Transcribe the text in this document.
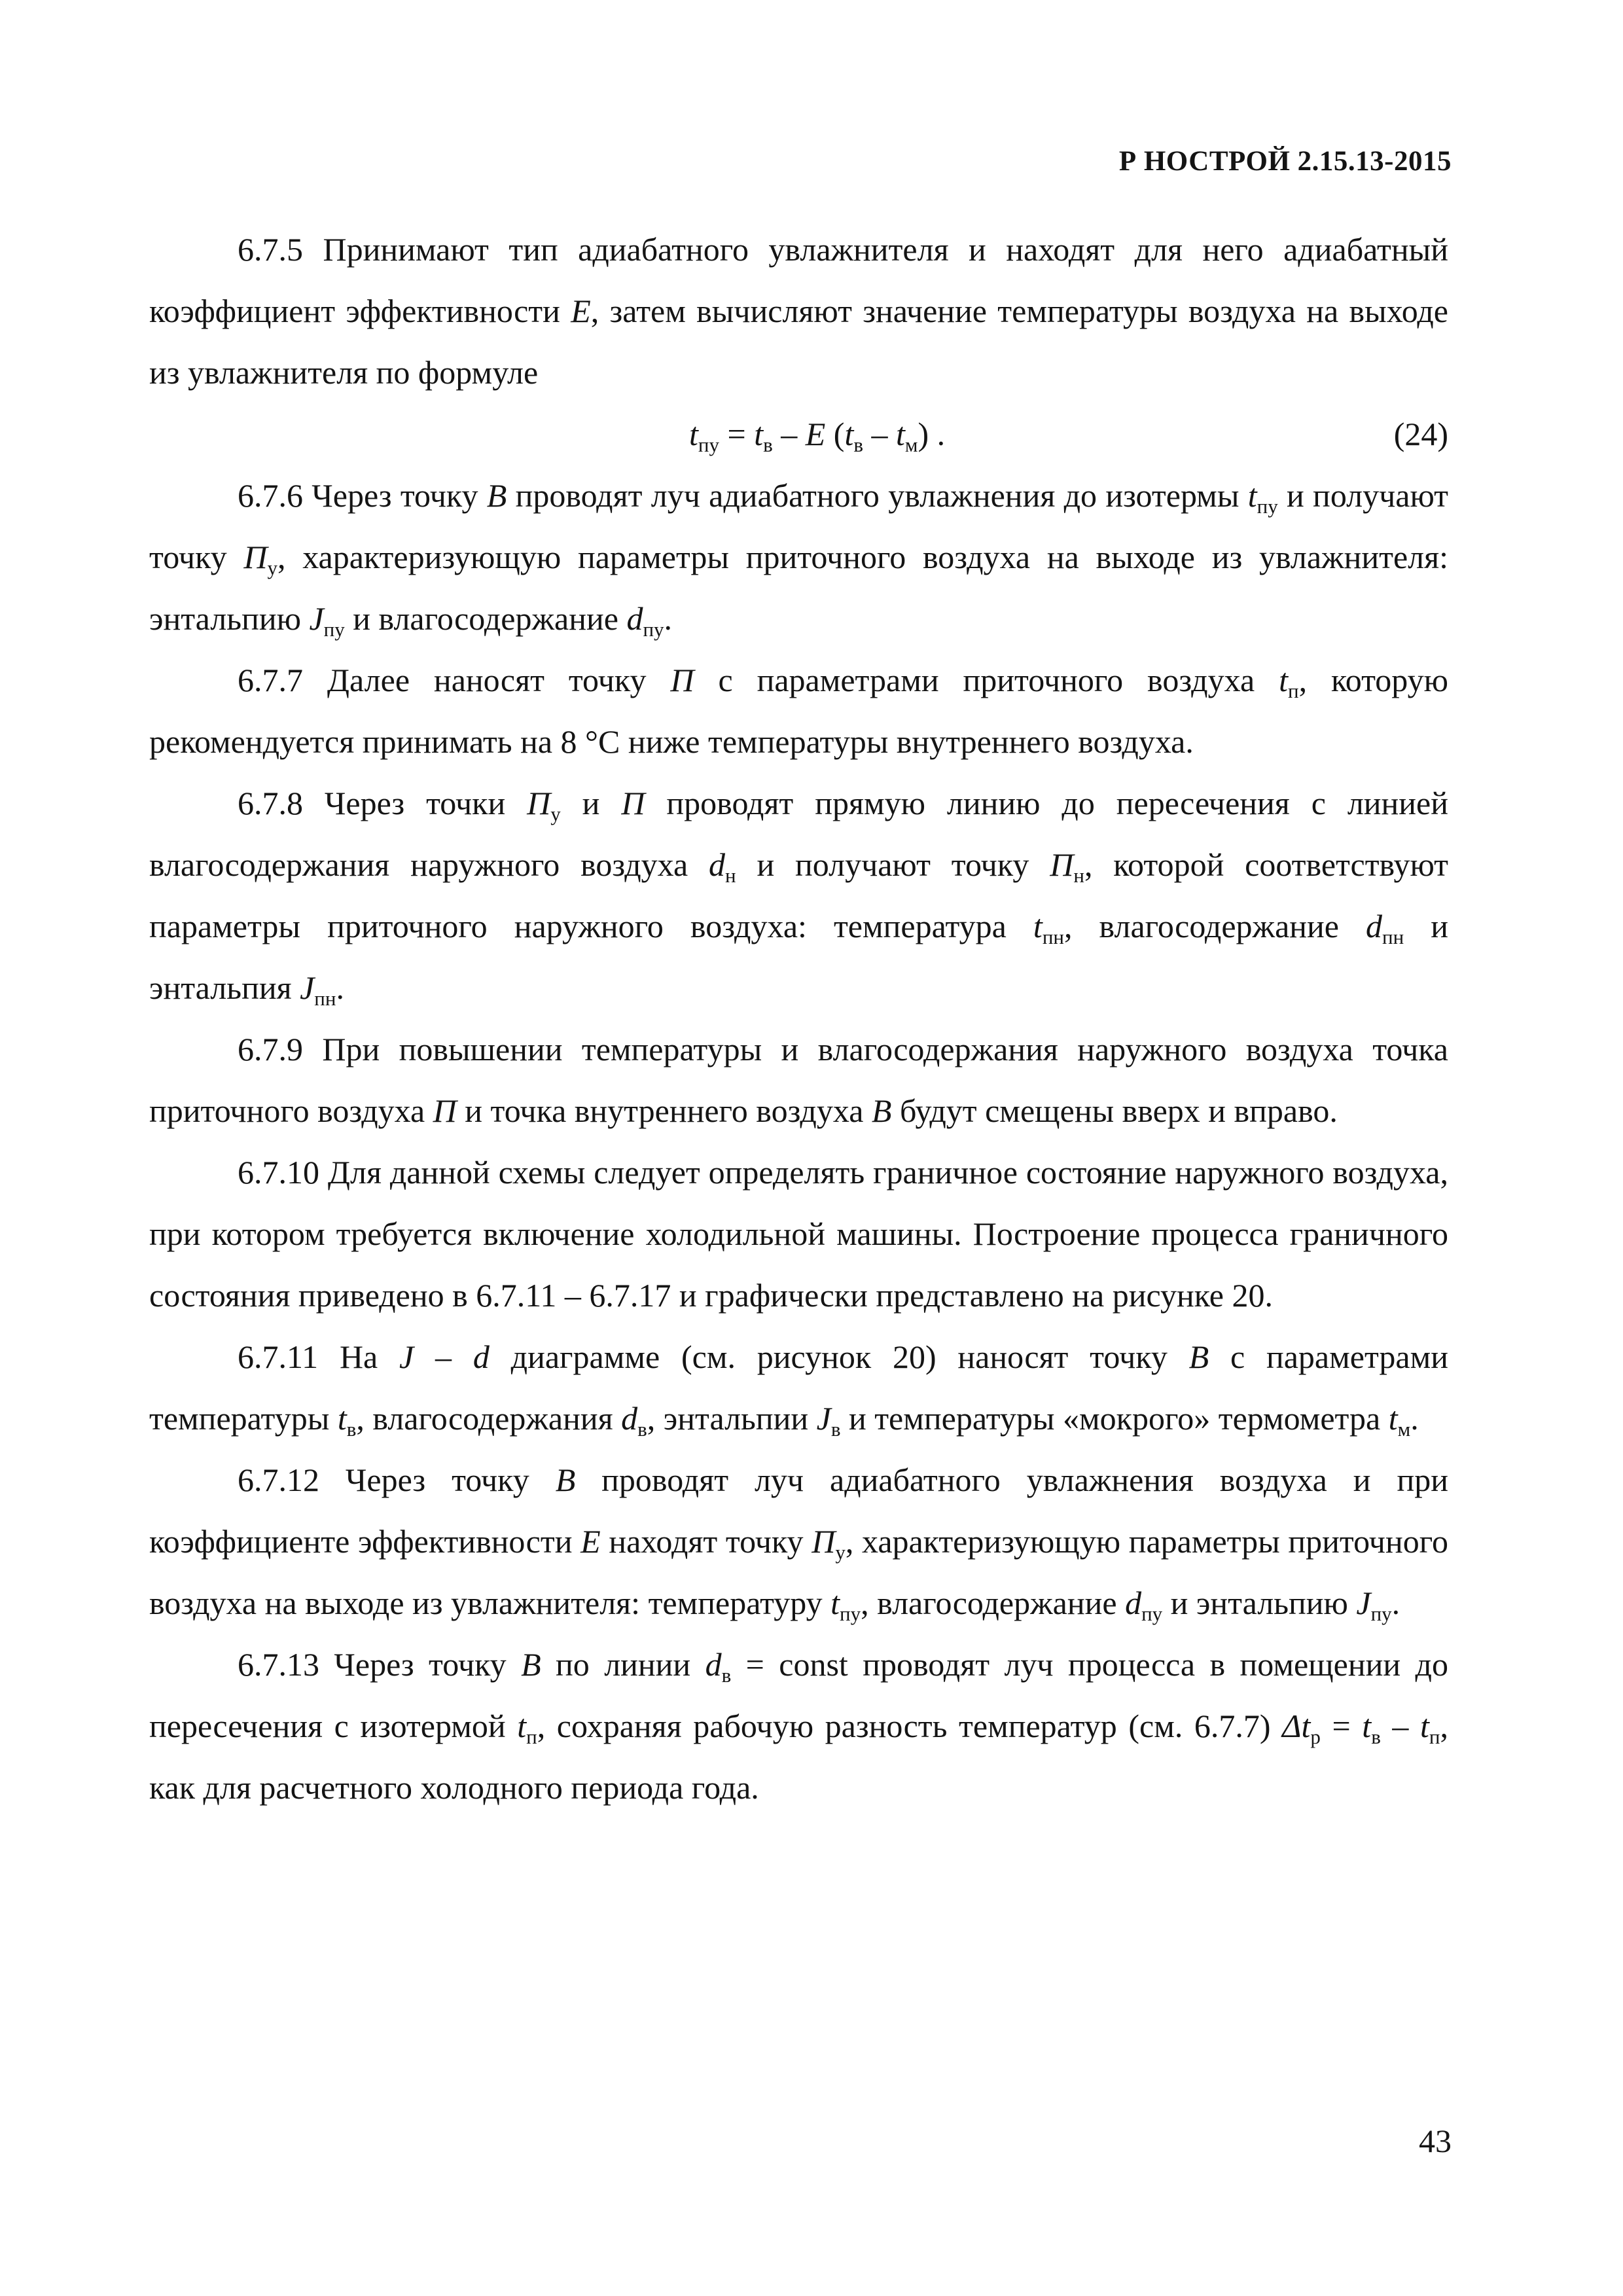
Р НОСТРОЙ 2.15.13-2015

6.7.5 Принимают тип адиабатного увлажнителя и находят для него адиабатный коэффициент эффективности E, затем вычисляют значение температуры воздуха на выходе из увлажнителя по формуле

$t_{пу} = t_в - E$ $(t_в - t_м)$ .	(24)

6.7.6 Через точку В проводят луч адиабатного увлажнения до изотермы $t_{пу}$ и получают точку $П_у$, характеризующую параметры приточного воздуха на выходе из увлажнителя: энтальпию $J_{пу}$ и влагосодержание $d_{пу}$.

6.7.7 Далее наносят точку П с параметрами приточного воздуха $t_п$, которую рекомендуется принимать на 8 °С ниже температуры внутреннего воздуха.

6.7.8 Через точки $П_у$ и П проводят прямую линию до пересечения с линией влагосодержания наружного воздуха $d_н$ и получают точку $П_н$, которой соответствуют параметры приточного наружного воздуха: температура $t_{пн}$, влагосодержание $d_{пн}$ и энтальпия $J_{пн}$.

6.7.9 При повышении температуры и влагосодержания наружного воздуха точка приточного воздуха П и точка внутреннего воздуха В будут смещены вверх и вправо.

6.7.10 Для данной схемы следует определять граничное состояние наружного воздуха, при котором требуется включение холодильной машины. Построение процесса граничного состояния приведено в 6.7.11 – 6.7.17 и графически представлено на рисунке 20.

6.7.11 На J – d диаграмме (см. рисунок 20) наносят точку В с параметрами температуры $t_в$, влагосодержания $d_в$, энтальпии $J_в$ и температуры «мокрого» термометра $t_м$.

6.7.12 Через точку В проводят луч адиабатного увлажнения воздуха и при коэффициенте эффективности E находят точку $П_у$, характеризующую параметры приточного воздуха на выходе из увлажнителя: температуру $t_{пу}$, влагосодержание $d_{пу}$ и энтальпию $J_{пу}$.

6.7.13 Через точку В по линии $d_в$ = const проводят луч процесса в помещении до пересечения с изотермой $t_п$, сохраняя рабочую разность температур (см. 6.7.7) $\Delta t_р = t_в - t_п$, как для расчетного холодного периода года.

43
